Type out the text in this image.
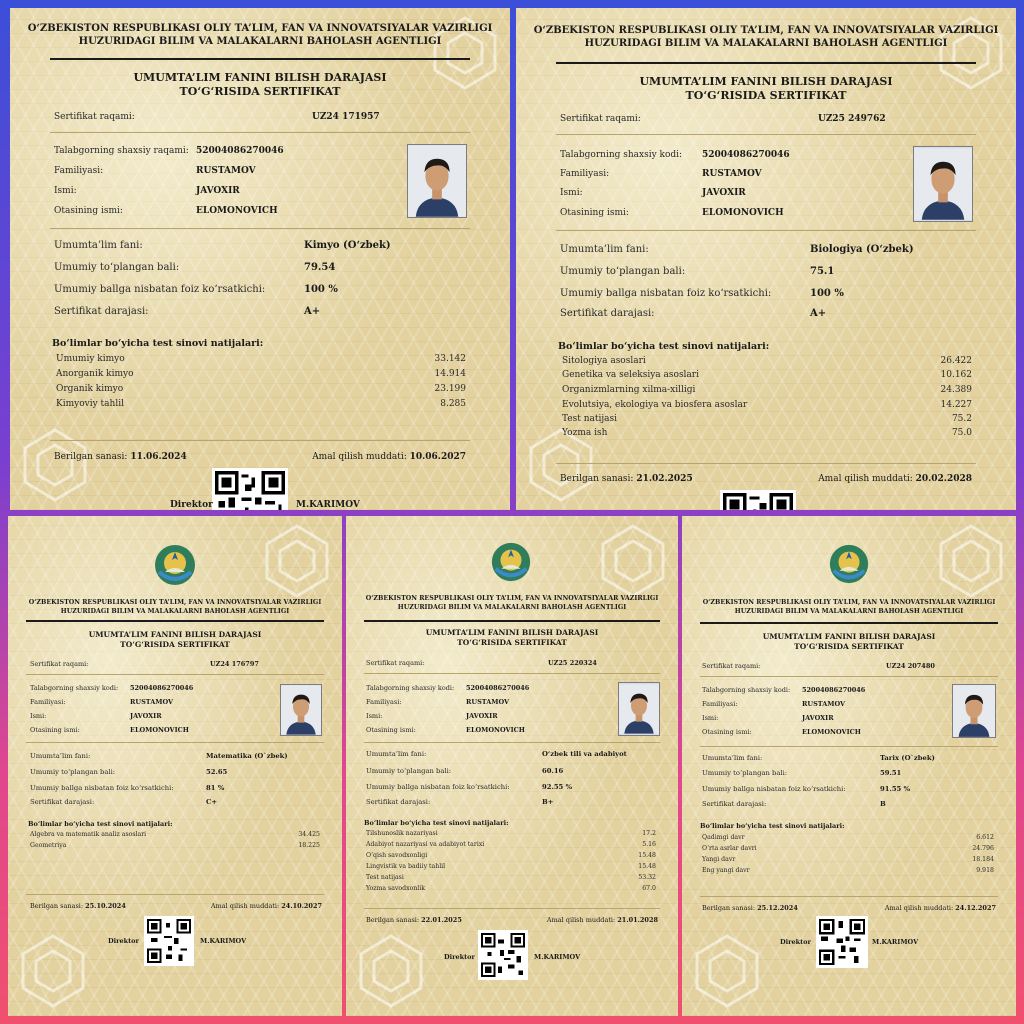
O‘ZBEKISTON RESPUBLIKASI OLIY TA’LIM, FAN VA INNOVATSIYALAR VAZIRLIGI
HUZURIDAGI BILIM VA MALAKALARNI BAHOLASH AGENTLIGI
UMUMTA’LIM FANINI BILISH DARAJASI
TO‘G‘RISIDA SERTIFIKAT
Sertifikat raqami:	UZ24 171957
Talabgorning shaxsiy raqami: 52004086270046
Familiyasi:	RUSTAMOV
Ismi:	JAVOXIR
Otasining ismi:	ELOMONOVICH
Umumta’lim fani:	Kimyo (O‘zbek)
Umumiy to‘plangan bali:	79.54
Umumiy ballga nisbatan foiz ko‘rsatkichi:	100 %
Sertifikat darajasi:	A+
Bo‘limlar bo‘yicha test sinovi natijalari:
Umumiy kimyo	33.142
Anorganik kimyo	14.914
Organik kimyo	23.199
Kimyoviy tahlil	8.285
Berilgan sanasi: 11.06.2024	Amal qilish muddati: 10.06.2027
Direktor	M.KARIMOV
O‘ZBEKISTON RESPUBLIKASI OLIY TA’LIM, FAN VA INNOVATSIYALAR VAZIRLIGI
HUZURIDAGI BILIM VA MALAKALARNI BAHOLASH AGENTLIGI
UMUMTA’LIM FANINI BILISH DARAJASI
TO‘G‘RISIDA SERTIFIKAT
Sertifikat raqami:	UZ25 249762
Talabgorning shaxsiy kodi: 52004086270046
Familiyasi:	RUSTAMOV
Ismi:	JAVOXIR
Otasining ismi:	ELOMONOVICH
Umumta’lim fani:	Biologiya (O‘zbek)
Umumiy to‘plangan bali:	75.1
Umumiy ballga nisbatan foiz ko‘rsatkichi:	100 %
Sertifikat darajasi:	A+
Bo‘limlar bo‘yicha test sinovi natijalari:
Sitologiya asoslari	26.422
Genetika va seleksiya asoslari	10.162
Organizmlarning xilma-xilligi	24.389
Evolutsiya, ekologiya va biosfera asoslar	14.227
Test natijasi	75.2
Yozma ish	75.0
Berilgan sanasi: 21.02.2025	Amal qilish muddati: 20.02.2028
O‘ZBEKISTON RESPUBLIKASI OLIY TA’LIM, FAN VA INNOVATSIYALAR VAZIRLIGI
HUZURIDAGI BILIM VA MALAKALARNI BAHOLASH AGENTLIGI
UMUMTA’LIM FANINI BILISH DARAJASI
TO‘G‘RISIDA SERTIFIKAT
Sertifikat raqami:	UZ24 176797
Talabgorning shaxsiy kodi: 52004086270046
Familiyasi:	RUSTAMOV
Ismi:	JAVOXIR
Otasining ismi:	ELOMONOVICH
Umumta’lim fani:	Matematika (O`zbek)
Umumiy to‘plangan bali:	52.65
Umumiy ballga nisbatan foiz ko‘rsatkichi:	81 %
Sertifikat darajasi:	C+
Bo‘limlar bo‘yicha test sinovi natijalari:
Algebra va matematik analiz asoslari	34.425
Geometriya	18.225
Berilgan sanasi: 25.10.2024	Amal qilish muddati: 24.10.2027
Direktor	M.KARIMOV
O‘ZBEKISTON RESPUBLIKASI OLIY TA’LIM, FAN VA INNOVATSIYALAR VAZIRLIGI
HUZURIDAGI BILIM VA MALAKALARNI BAHOLASH AGENTLIGI
UMUMTA’LIM FANINI BILISH DARAJASI
TO‘G‘RISIDA SERTIFIKAT
Sertifikat raqami:	UZ25 220324
Talabgorning shaxsiy kodi: 52004086270046
Familiyasi:	RUSTAMOV
Ismi:	JAVOXIR
Otasining ismi:	ELOMONOVICH
Umumta’lim fani:	O‘zbek tili va adabiyot
Umumiy to‘plangan bali:	60.16
Umumiy ballga nisbatan foiz ko‘rsatkichi:	92.55 %
Sertifikat darajasi:	B+
Bo‘limlar bo‘yicha test sinovi natijalari:
Tilshunoslik nazariyasi	17.2
Adabiyot nazariyasi va adabiyot tarixi	5.16
O‘qish savodxonligi	15.48
Lingvistik va badiiy tahlil	15.48
Test natijasi	53.32
Yozma savodxonlik	67.0
Berilgan sanasi: 22.01.2025	Amal qilish muddati: 21.01.2028
Direktor	M.KARIMOV
O‘ZBEKISTON RESPUBLIKASI OLIY TA’LIM, FAN VA INNOVATSIYALAR VAZIRLIGI
HUZURIDAGI BILIM VA MALAKALARNI BAHOLASH AGENTLIGI
UMUMTA’LIM FANINI BILISH DARAJASI
TO‘G‘RISIDA SERTIFIKAT
Sertifikat raqami:	UZ24 207480
Talabgorning shaxsiy kodi: 52004086270046
Familiyasi:	RUSTAMOV
Ismi:	JAVOXIR
Otasining ismi:	ELOMONOVICH
Umumta’lim fani:	Tarix (O`zbek)
Umumiy to‘plangan bali:	59.51
Umumiy ballga nisbatan foiz ko‘rsatkichi:	91.55 %
Sertifikat darajasi:	B
Bo‘limlar bo‘yicha test sinovi natijalari:
Qadimgi davr	6.612
O‘rta asrlar davri	24.796
Yangi davr	18.184
Eng yangi davr	9.918
Berilgan sanasi: 25.12.2024	Amal qilish muddati: 24.12.2027
Direktor	M.KARIMOV
